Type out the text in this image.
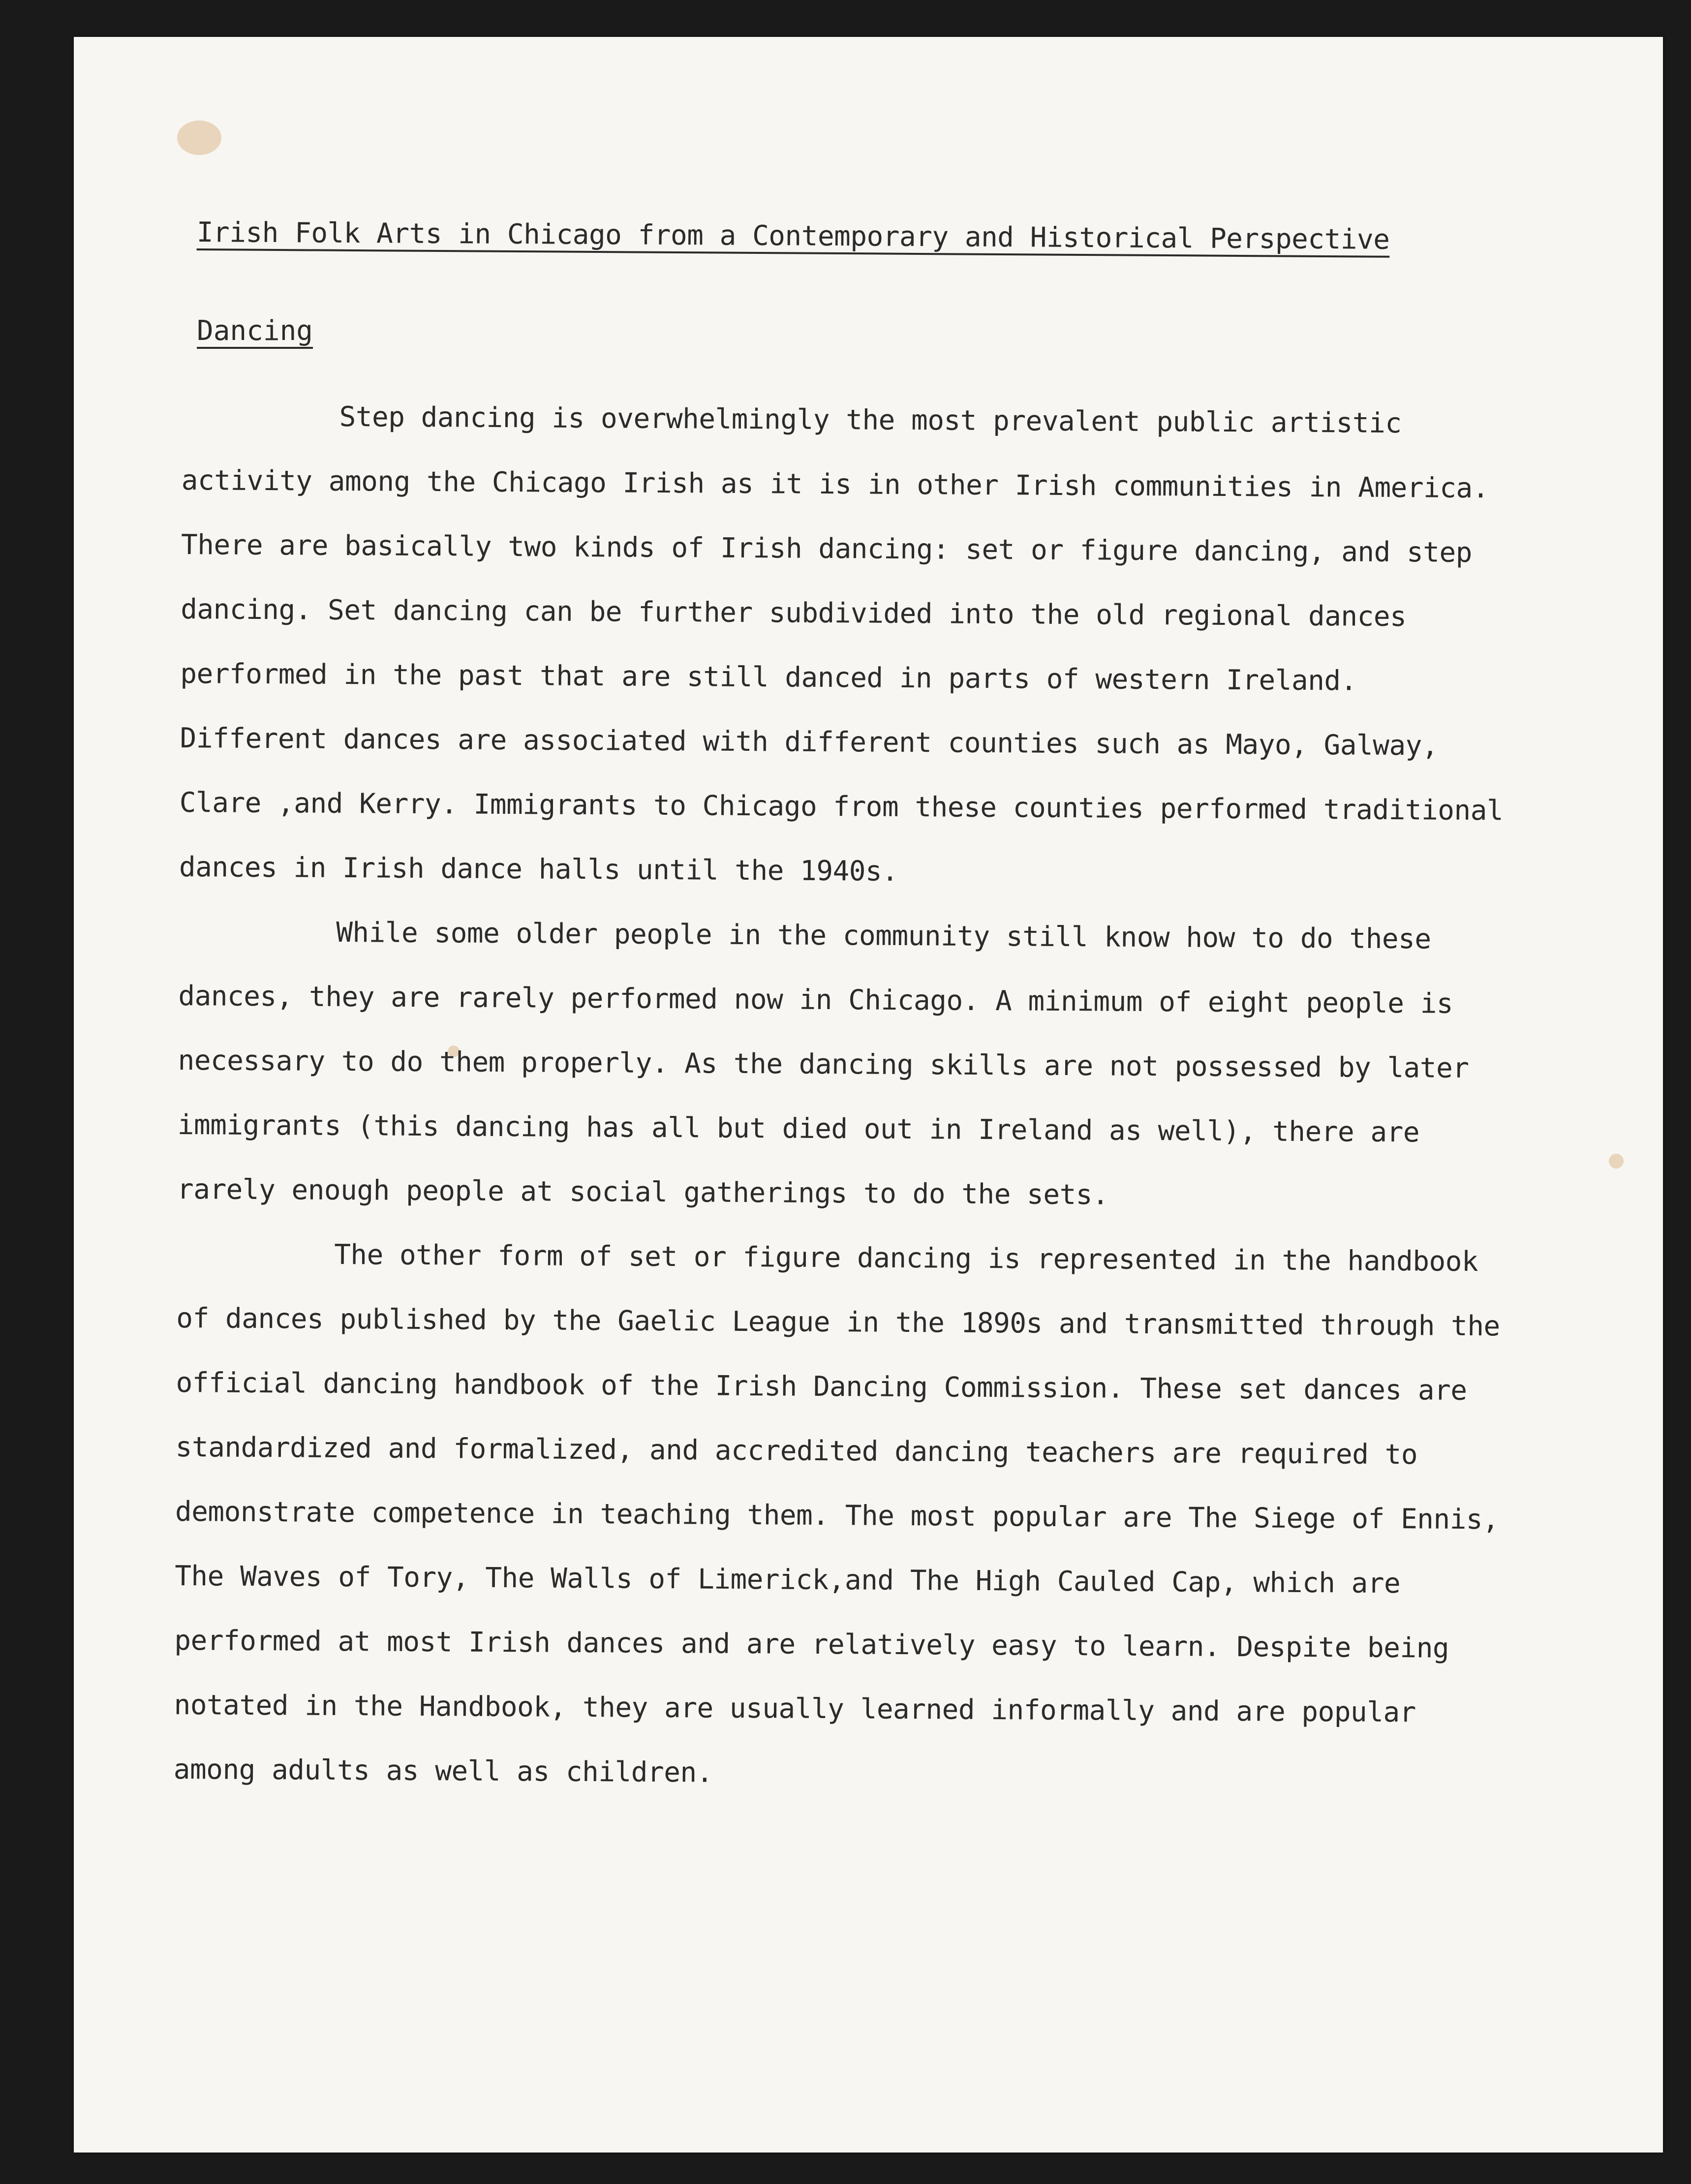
Irish Folk Arts in Chicago from a Contemporary and Historical Perspective
Dancing

Step dancing is overwhelmingly the most prevalent public artistic activity among the Chicago Irish as it is in other Irish communities in America. There are basically two kinds of Irish dancing: set or figure dancing, and step dancing. Set dancing can be further subdivided into the old regional dances performed in the past that are still danced in parts of western Ireland. Different dances are associated with different counties such as Mayo, Galway, Clare ,and Kerry. Immigrants to Chicago from these counties performed traditional dances in Irish dance halls until the 1940s.

While some older people in the community still know how to do these dances, they are rarely performed now in Chicago. A minimum of eight people is necessary to do them properly. As the dancing skills are not possessed by later immigrants (this dancing has all but died out in Ireland as well), there are rarely enough people at social gatherings to do the sets.

The other form of set or figure dancing is represented in the handbook of dances published by the Gaelic League in the 1890s and transmitted through the official dancing handbook of the Irish Dancing Commission. These set dances are standardized and formalized, and accredited dancing teachers are required to demonstrate competence in teaching them. The most popular are The Siege of Ennis, The Waves of Tory, The Walls of Limerick,and The High Cauled Cap, which are performed at most Irish dances and are relatively easy to learn. Despite being notated in the Handbook, they are usually learned informally and are popular among adults as well as children.
